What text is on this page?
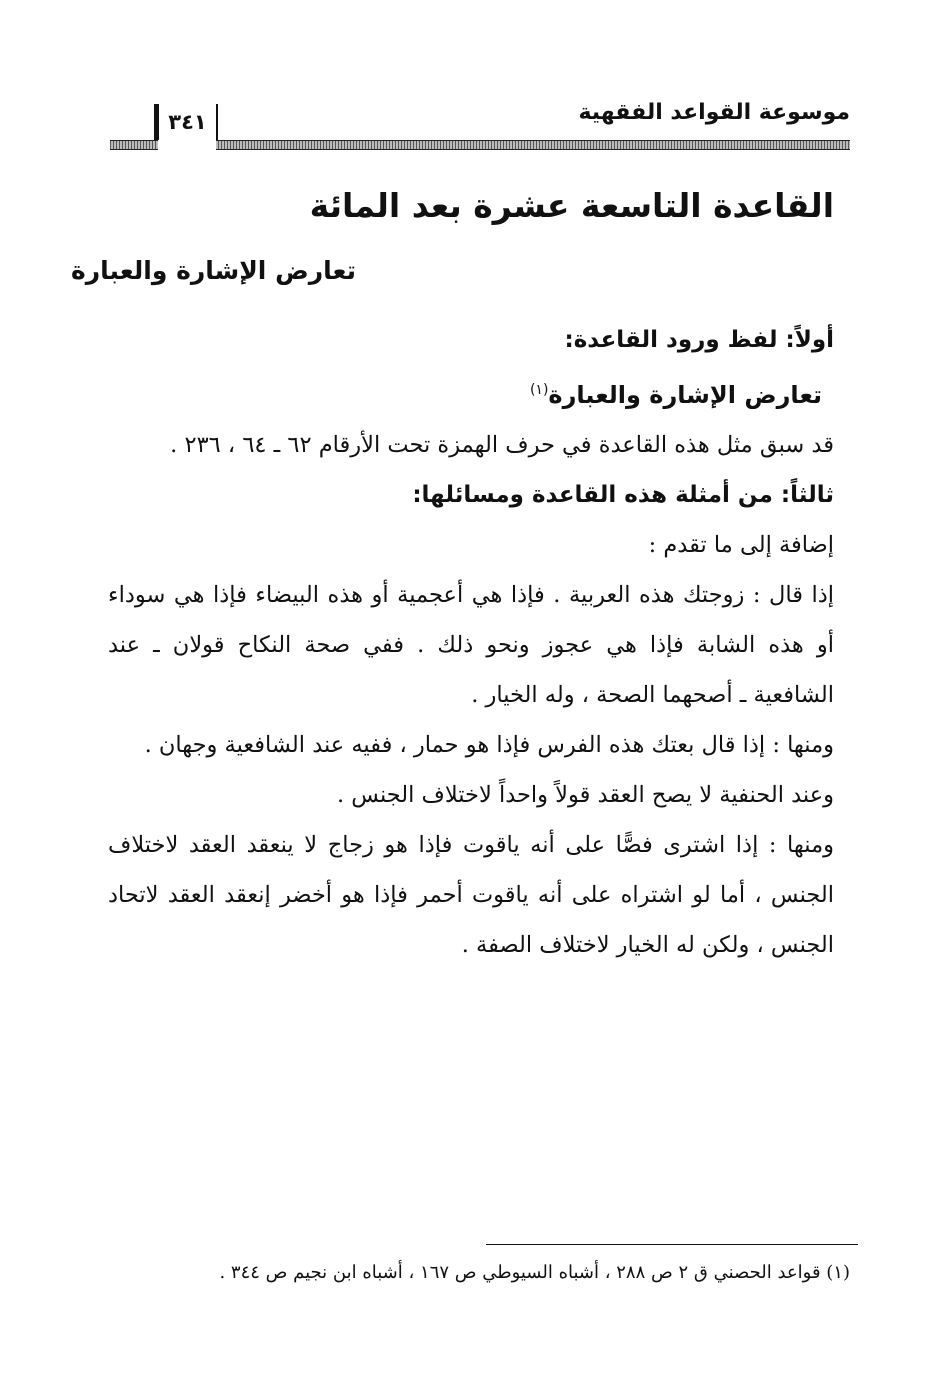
موسوعة القواعد الفقهية
٣٤١
القاعدة التاسعة عشرة بعد المائة
تعارض الإشارة والعبارة
أولاً: لفظ ورود القاعدة:
تعارض الإشارة والعبارة$^{(١)}$

قد سبق مثل هذه القاعدة في حرف الهمزة تحت الأرقام ٦٢ ـ ٦٤ ، ٢٣٦ .

ثالثاً: من أمثلة هذه القاعدة ومسائلها:

إضافة إلى ما تقدم :

إذا قال : زوجتك هذه العربية . فإذا هي أعجمية أو هذه البيضاء فإذا هي سوداء أو هذه الشابة فإذا هي عجوز ونحو ذلك . ففي صحة النكاح قولان ـ عند الشافعية ـ أصحهما الصحة ، وله الخيار .

ومنها : إذا قال بعتك هذه الفرس فإذا هو حمار ، ففيه عند الشافعية وجهان .

وعند الحنفية لا يصح العقد قولاً واحداً لاختلاف الجنس .

ومنها : إذا اشترى فصًّا على أنه ياقوت فإذا هو زجاج لا ينعقد العقد لاختلاف الجنس ، أما لو اشتراه على أنه ياقوت أحمر فإذا هو أخضر إنعقد العقد لاتحاد الجنس ، ولكن له الخيار لاختلاف الصفة .

(١) قواعد الحصني ق ٢ ص ٢٨٨ ، أشباه السيوطي ص ١٦٧ ، أشباه ابن نجيم ص ٣٤٤ .
